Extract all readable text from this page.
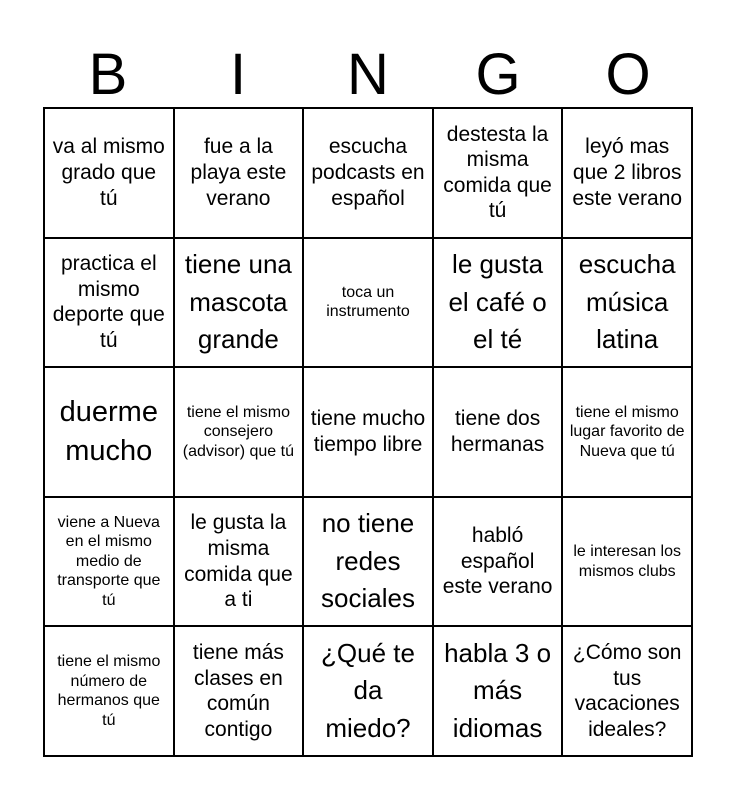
B	I	N	G	O
va al mismo grado que tú
fue a la playa este verano
escucha podcasts en español
destesta la misma comida que tú
leyó mas que 2 libros este verano
practica el mismo deporte que tú
tiene una mascota grande
toca un instrumento
le gusta el café o el té
escucha música latina
duerme mucho
tiene el mismo consejero (advisor) que tú
tiene mucho tiempo libre
tiene dos hermanas
tiene el mismo lugar favorito de Nueva que tú
viene a Nueva en el mismo medio de transporte que tú
le gusta la misma comida que a ti
no tiene redes sociales
habló español este verano
le interesan los mismos clubs
tiene el mismo número de hermanos que tú
tiene más clases en común contigo
¿Qué te da miedo?
habla 3 o más idiomas
¿Cómo son tus vacaciones ideales?
